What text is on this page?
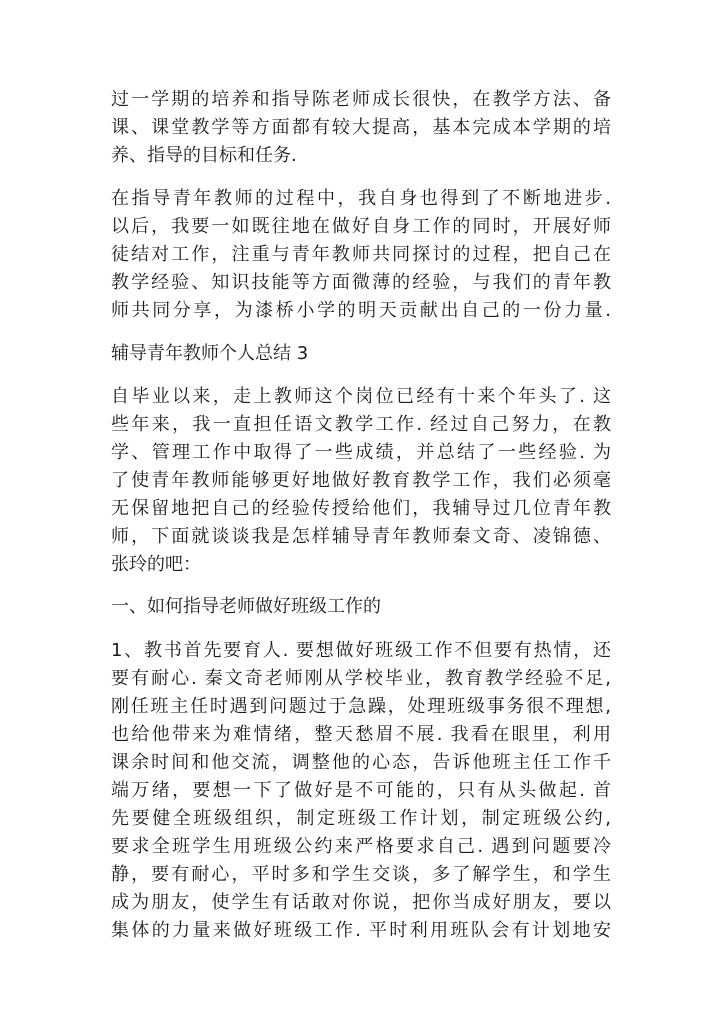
过一学期的培养和指导陈老师成长很快，在教学方法、备
课、课堂教学等方面都有较大提高，基本完成本学期的培
养、指导的目标和任务.
在指导青年教师的过程中，我自身也得到了不断地进步.
以后，我要一如既往地在做好自身工作的同时，开展好师
徒结对工作，注重与青年教师共同探讨的过程，把自己在
教学经验、知识技能等方面微薄的经验，与我们的青年教
师共同分享，为漆桥小学的明天贡献出自己的一份力量.
辅导青年教师个人总结 3
自毕业以来，走上教师这个岗位已经有十来个年头了. 这
些年来，我一直担任语文教学工作. 经过自己努力，在教
学、管理工作中取得了一些成绩，并总结了一些经验. 为
了使青年教师能够更好地做好教育教学工作，我们必须毫
无保留地把自己的经验传授给他们，我辅导过几位青年教
师，下面就谈谈我是怎样辅导青年教师秦文奇、凌锦德、
张玲的吧：
一、如何指导老师做好班级工作的
1、教书首先要育人. 要想做好班级工作不但要有热情，还
要有耐心. 秦文奇老师刚从学校毕业，教育教学经验不足,
刚任班主任时遇到问题过于急躁，处理班级事务很不理想,
也给他带来为难情绪，整天愁眉不展. 我看在眼里，利用
课余时间和他交流，调整他的心态，告诉他班主任工作千
端万绪，要想一下了做好是不可能的，只有从头做起. 首
先要健全班级组织，制定班级工作计划，制定班级公约,
要求全班学生用班级公约来严格要求自己. 遇到问题要冷
静，要有耐心，平时多和学生交谈，多了解学生，和学生
成为朋友，使学生有话敢对你说，把你当成好朋友，要以
集体的力量来做好班级工作. 平时利用班队会有计划地安
